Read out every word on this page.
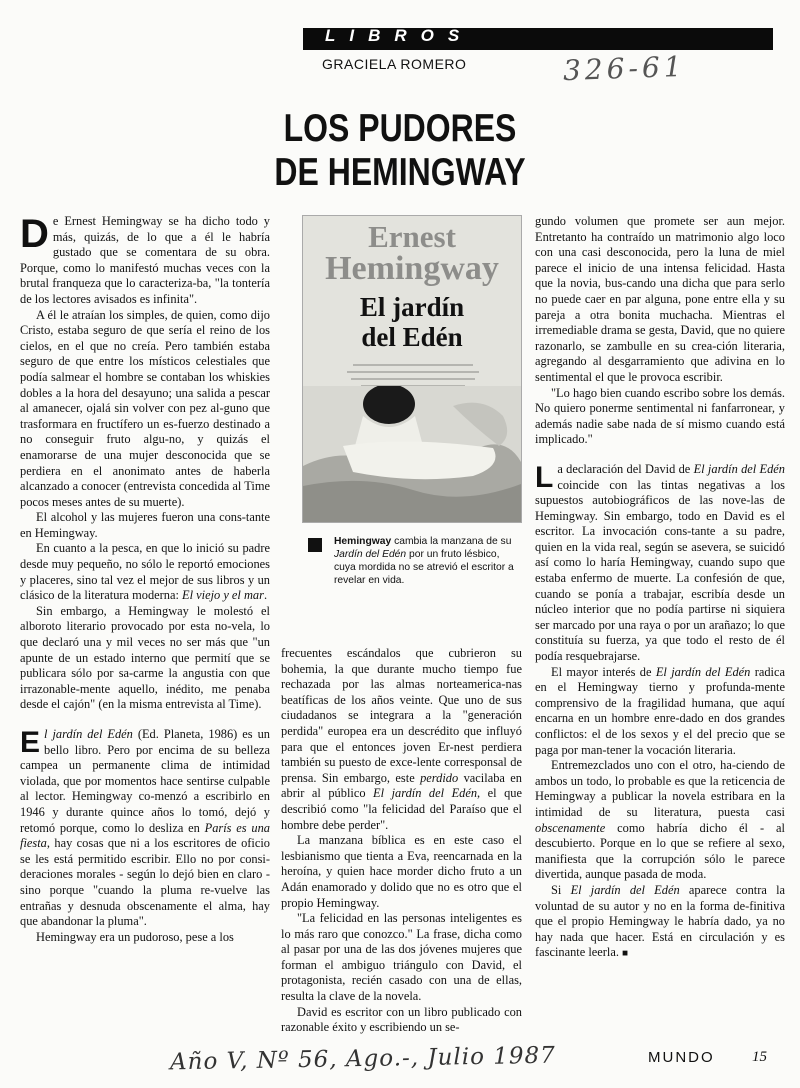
LIBROS
GRACIELA ROMERO	326-61
LOS PUDORES
DE HEMINGWAY

De Ernest Hemingway se ha dicho todo y más, quizás, de lo que a él le habría gustado que se comentara de su obra. Porque, como lo manifestó muchas veces con la brutal franqueza que lo caracteriza-ba, "la tontería de los lectores avisados es infinita".

A él le atraían los simples, de quien, como dijo Cristo, estaba seguro de que sería el reino de los cielos, en el que no creía. Pero también estaba seguro de que entre los místicos celestiales que podía salmear el hombre se contaban los whiskies dobles a la hora del desayuno; una salida a pescar al amanecer, ojalá sin volver con pez al-guno que trasformara en fructífero un es-fuerzo destinado a no conseguir fruto algu-no, y quizás el enamorarse de una mujer desconocida que se perdiera en el anonimato antes de haberla alcanzado a conocer (entrevista concedida al Time pocos meses antes de su muerte).

El alcohol y las mujeres fueron una cons-tante en Hemingway.

En cuanto a la pesca, en que lo inició su padre desde muy pequeño, no sólo le reportó emociones y placeres, sino tal vez el mejor de sus libros y un clásico de la literatura moderna: El viejo y el mar.

Sin embargo, a Hemingway le molestó el alboroto literario provocado por esta no-vela, lo que declaró una y mil veces no ser más que "un apunte de un estado interno que permití que se publicara sólo por sa-carme la angustia con que irrazonable-mente aquello, inédito, me penaba desde el cajón" (en la misma entrevista al Time).

El jardín del Edén (Ed. Planeta, 1986) es un bello libro. Pero por encima de su belleza campea un permanente clima de intimidad violada, que por momentos hace sentirse culpable al lector. Hemingway co-menzó a escribirlo en 1946 y durante quince años lo tomó, dejó y retomó porque, como lo desliza en París es una fiesta, hay cosas que ni a los escritores de oficio se les está permitido escribir. Ello no por consi-deraciones morales - según lo dejó bien en claro - sino porque "cuando la pluma re-vuelve las entrañas y desnuda obscenamente el alma, hay que abandonar la pluma".

Hemingway era un pudoroso, pese a los

Ernest
Hemingway
El jardín
del Edén
Hemingway cambia la manzana de su Jardín del Edén por un fruto lésbico, cuya mordida no se atrevió el escritor a revelar en vida.

frecuentes escándalos que cubrieron su bohemia, la que durante mucho tiempo fue rechazada por las almas norteamerica-nas beatíficas de los años veinte. Que uno de sus ciudadanos se integrara a la "generación perdida" europea era un descrédito que influyó para que el entonces joven Er-nest perdiera también su puesto de exce-lente corresponsal de prensa. Sin embargo, este perdido vacilaba en abrir al público El jardín del Edén, el que describió como "la felicidad del Paraíso que el hombre debe perder".

La manzana bíblica es en este caso el lesbianismo que tienta a Eva, reencarnada en la heroína, y quien hace morder dicho fruto a un Adán enamorado y dolido que no es otro que el propio Hemingway.

"La felicidad en las personas inteligentes es lo más raro que conozco." La frase, dicha como al pasar por una de las dos jóvenes mujeres que forman el ambiguo triángulo con David, el protagonista, recién casado con una de ellas, resulta la clave de la novela.

David es escritor con un libro publicado con razonable éxito y escribiendo un se-

gundo volumen que promete ser aun mejor. Entretanto ha contraído un matrimonio algo loco con una casi desconocida, pero la luna de miel parece el inicio de una intensa felicidad. Hasta que la novia, bus-cando una dicha que para serlo no puede caer en par alguna, pone entre ella y su pareja a otra bonita muchacha. Mientras el irremediable drama se gesta, David, que no quiere razonarlo, se zambulle en su crea-ción literaria, agregando al desgarramiento que adivina en lo sentimental el que le provoca escribir.

"Lo hago bien cuando escribo sobre los demás. No quiero ponerme sentimental ni fanfarronear, y además nadie sabe nada de sí mismo cuando está implicado."

La declaración del David de El jardín del Edén coincide con las tintas negativas a los supuestos autobiográficos de las nove-las de Hemingway. Sin embargo, todo en David es el escritor. La invocación cons-tante a su padre, quien en la vida real, según se asevera, se suicidó así como lo haría Hemingway, cuando supo que estaba enfermo de muerte. La confesión de que, cuando se ponía a trabajar, escribía desde un núcleo interior que no podía partirse ni siquiera ser marcado por una raya o por un arañazo; lo que constituía su fuerza, ya que todo el resto de él podía resquebrajarse.

El mayor interés de El jardín del Edén radica en el Hemingway tierno y profunda-mente comprensivo de la fragilidad humana, que aquí encarna en un hombre enre-dado en dos grandes conflictos: el de los sexos y el del precio que se paga por man-tener la vocación literaria.

Entremezclados uno con el otro, ha-ciendo de ambos un todo, lo probable es que la reticencia de Hemingway a publicar la novela estribara en la intimidad de su literatura, puesta casi obscenamente como habría dicho él - al descubierto. Porque en lo que se refiere al sexo, manifiesta que la corrupción sólo le parece divertida, aunque pasada de moda.

Si El jardín del Edén aparece contra la voluntad de su autor y no en la forma de-finitiva que el propio Hemingway le habría dado, ya no hay nada que hacer. Está en circulación y es fascinante leerla. ■

Año V, Nº 56, Ago.-, Julio 1987	MUNDO 15
